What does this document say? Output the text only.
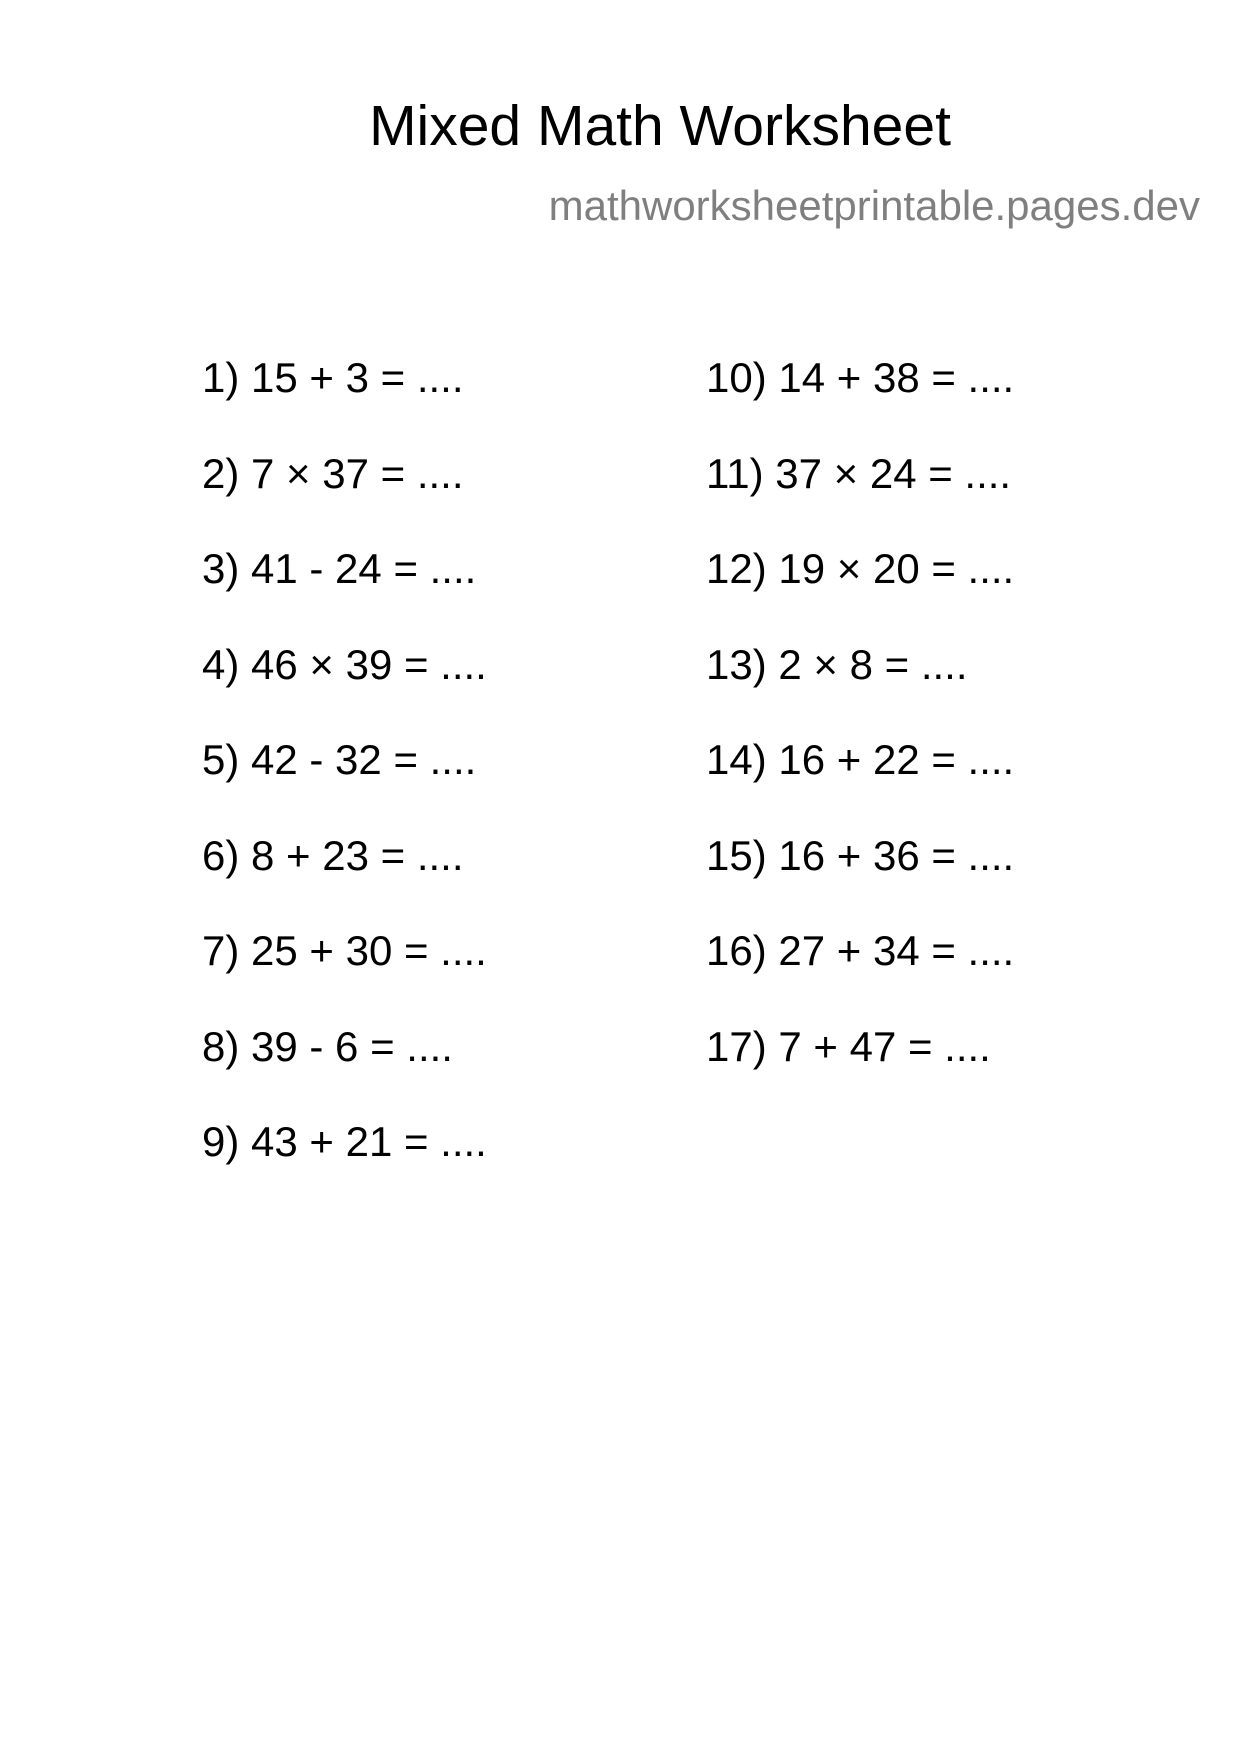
Mixed Math Worksheet
mathworksheetprintable.pages.dev
1) 15 + 3 = ....
2) 7 × 37 = ....
3) 41 - 24 = ....
4) 46 × 39 = ....
5) 42 - 32 = ....
6) 8 + 23 = ....
7) 25 + 30 = ....
8) 39 - 6 = ....
9) 43 + 21 = ....
10) 14 + 38 = ....
11) 37 × 24 = ....
12) 19 × 20 = ....
13) 2 × 8 = ....
14) 16 + 22 = ....
15) 16 + 36 = ....
16) 27 + 34 = ....
17) 7 + 47 = ....
